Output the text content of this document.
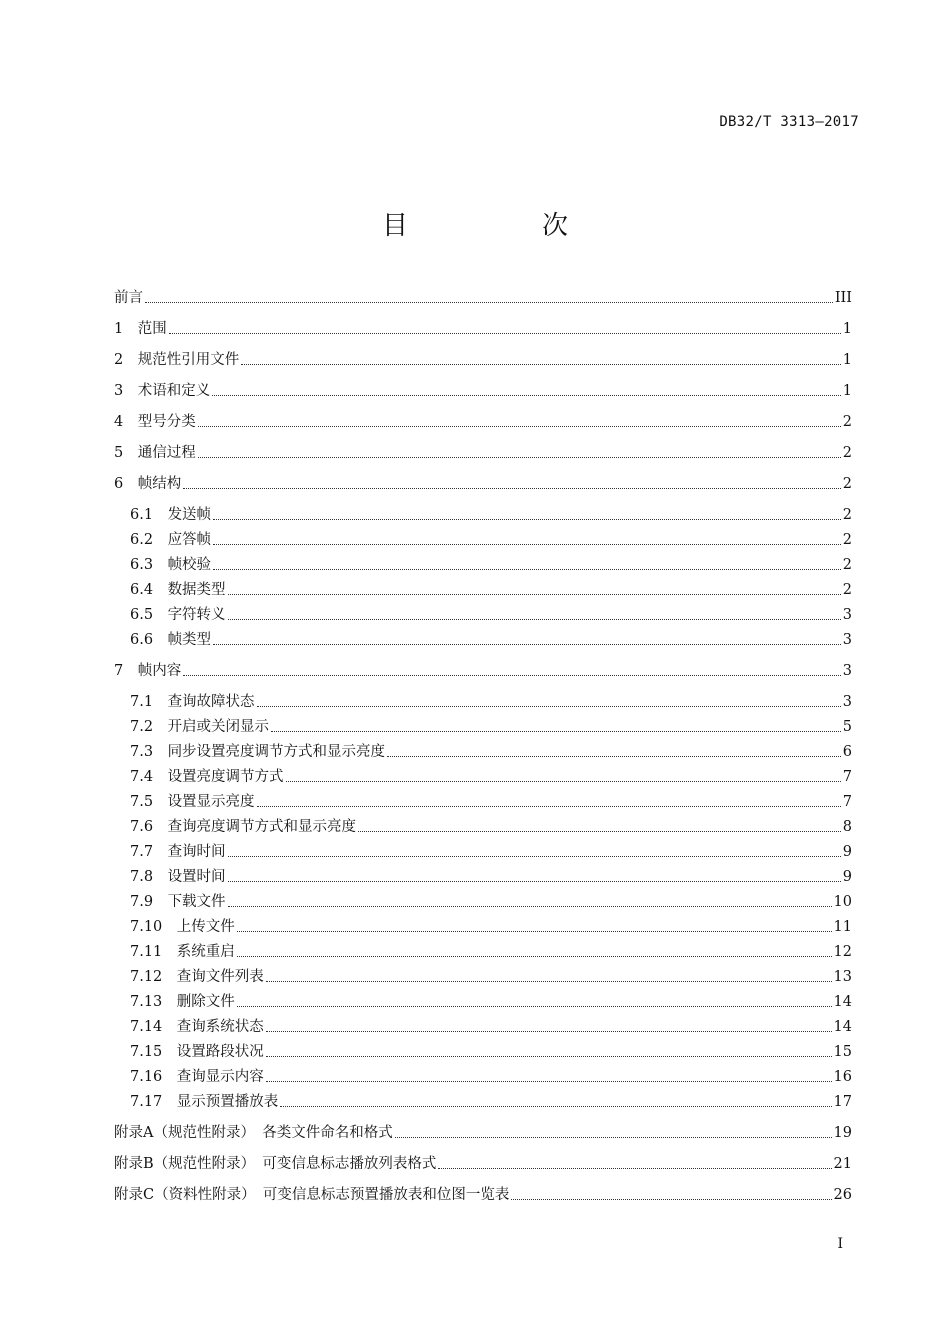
DB32/T 3313—2017
目　次
前言	III
1　 范围	1
2　 规范性引用文件	1
3　 术语和定义	1
4　 型号分类	2
5　 通信过程	2
6　 帧结构	2
6.1　 发送帧	2
6.2　 应答帧	2
6.3　 帧校验	2
6.4　 数据类型	2
6.5　 字符转义	3
6.6　 帧类型	3
7　 帧内容	3
7.1　 查询故障状态	3
7.2　 开启或关闭显示	5
7.3　 同步设置亮度调节方式和显示亮度	6
7.4　 设置亮度调节方式	7
7.5　 设置显示亮度	7
7.6　 查询亮度调节方式和显示亮度	8
7.7　 查询时间	9
7.8　 设置时间	9
7.9　 下载文件	10
7.10　 上传文件	11
7.11　 系统重启	12
7.12　 查询文件列表	13
7.13　 删除文件	14
7.14　 查询系统状态	14
7.15　 设置路段状况	15
7.16　 查询显示内容	16
7.17　 显示预置播放表	17
附录A（规范性附录）　 各类文件命名和格式	19
附录B（规范性附录）　 可变信息标志播放列表格式	21
附录C（资料性附录）　 可变信息标志预置播放表和位图一览表	26
I
